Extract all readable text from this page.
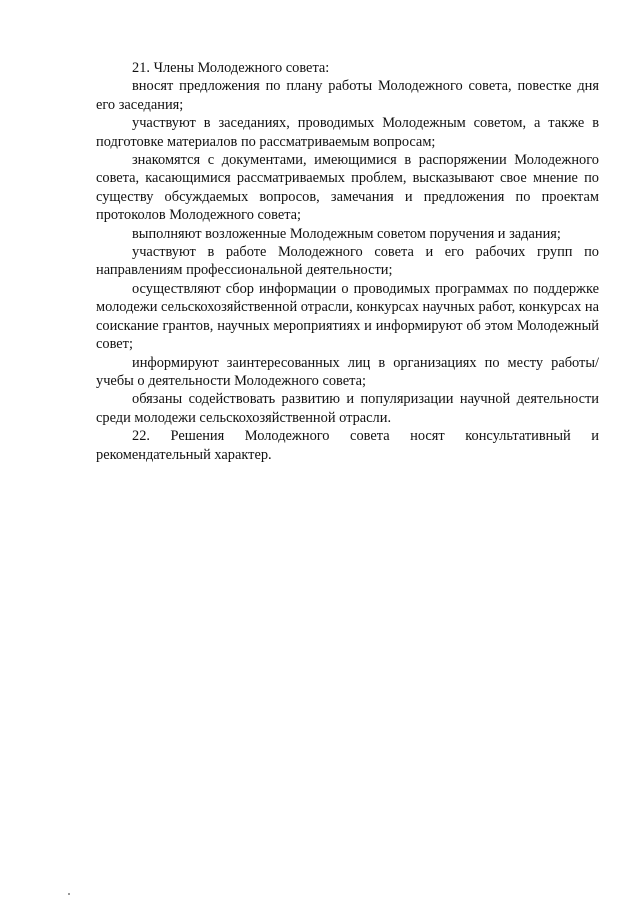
21. Члены Молодежного совета:

вносят предложения по плану работы Молодежного совета, повестке дня его заседания;

участвуют в заседаниях, проводимых Молодежным советом, а также в подготовке материалов по рассматриваемым вопросам;

знакомятся с документами, имеющимися в распоряжении Молодежного совета, касающимися рассматриваемых проблем, высказывают свое мнение по существу обсуждаемых вопросов, замечания и предложения по проектам протоколов Молодежного совета;

выполняют возложенные Молодежным советом поручения и задания;

участвуют в работе Молодежного совета и его рабочих групп по направлениям профессиональной деятельности;

осуществляют сбор информации о проводимых программах по поддержке молодежи сельскохозяйственной отрасли, конкурсах научных работ, конкурсах на соискание грантов, научных мероприятиях и информируют об этом Молодежный совет;

информируют заинтересованных лиц в организациях по месту работы/учебы о деятельности Молодежного совета;

обязаны содействовать развитию и популяризации научной деятельности среди молодежи сельскохозяйственной отрасли.

22. Решения Молодежного совета носят консультативный и рекомендательный характер.
